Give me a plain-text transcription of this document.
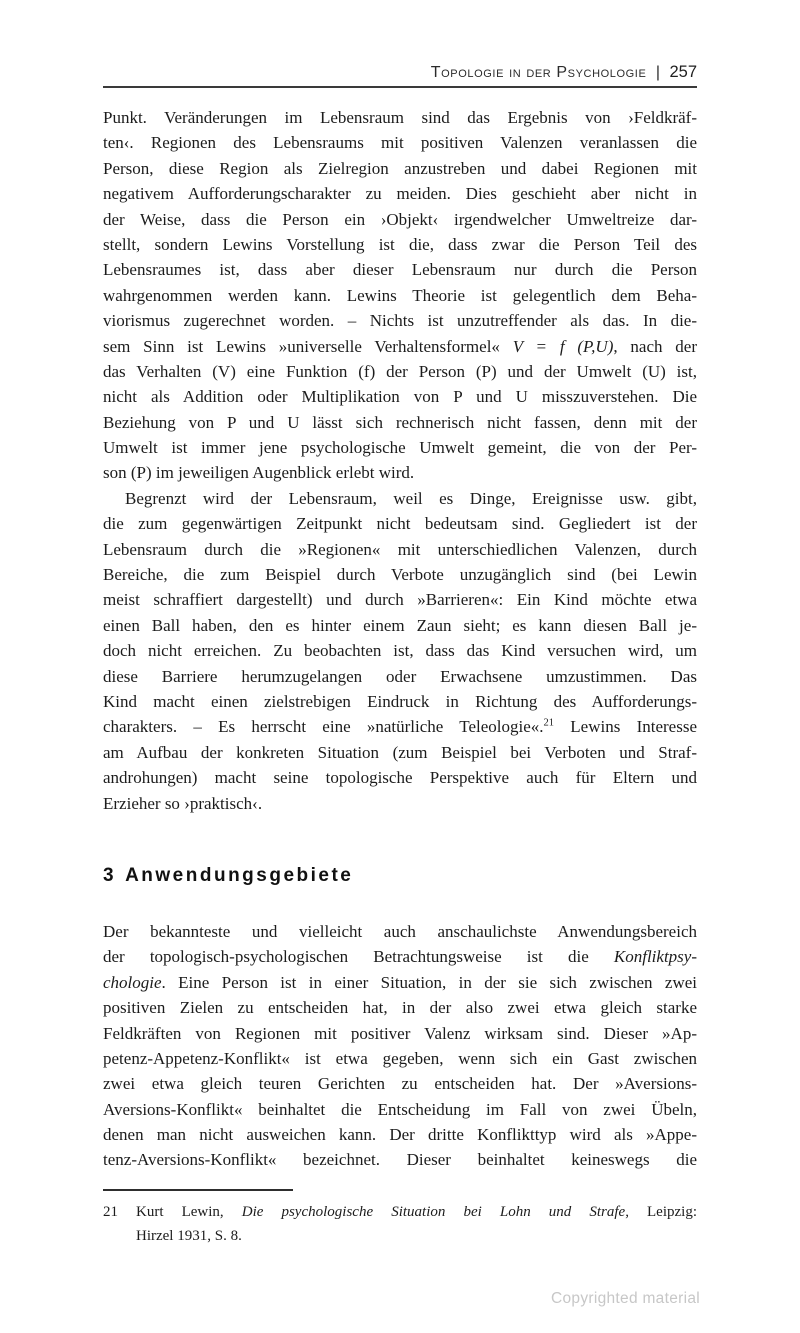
Topologie in der Psychologie | 257
Punkt. Veränderungen im Lebensraum sind das Ergebnis von ›Feldkräf-
ten‹. Regionen des Lebensraums mit positiven Valenzen veranlassen die
Person, diese Region als Zielregion anzustreben und dabei Regionen mit
negativem Aufforderungscharakter zu meiden. Dies geschieht aber nicht in
der Weise, dass die Person ein ›Objekt‹ irgendwelcher Umweltreize dar-
stellt, sondern Lewins Vorstellung ist die, dass zwar die Person Teil des
Lebensraumes ist, dass aber dieser Lebensraum nur durch die Person
wahrgenommen werden kann. Lewins Theorie ist gelegentlich dem Beha-
viorismus zugerechnet worden. – Nichts ist unzutreffender als das. In die-
sem Sinn ist Lewins »universelle Verhaltensformel« V = f (P,U), nach der
das Verhalten (V) eine Funktion (f) der Person (P) und der Umwelt (U) ist,
nicht als Addition oder Multiplikation von P und U misszuverstehen. Die
Beziehung von P und U lässt sich rechnerisch nicht fassen, denn mit der
Umwelt ist immer jene psychologische Umwelt gemeint, die von der Per-
son (P) im jeweiligen Augenblick erlebt wird.
Begrenzt wird der Lebensraum, weil es Dinge, Ereignisse usw. gibt,
die zum gegenwärtigen Zeitpunkt nicht bedeutsam sind. Gegliedert ist der
Lebensraum durch die »Regionen« mit unterschiedlichen Valenzen, durch
Bereiche, die zum Beispiel durch Verbote unzugänglich sind (bei Lewin
meist schraffiert dargestellt) und durch »Barrieren«: Ein Kind möchte etwa
einen Ball haben, den es hinter einem Zaun sieht; es kann diesen Ball je-
doch nicht erreichen. Zu beobachten ist, dass das Kind versuchen wird, um
diese Barriere herumzugelangen oder Erwachsene umzustimmen. Das
Kind macht einen zielstrebigen Eindruck in Richtung des Aufforderungs-
charakters. – Es herrscht eine »natürliche Teleologie«.$^{21}$ Lewins Interesse
am Aufbau der konkreten Situation (zum Beispiel bei Verboten und Straf-
androhungen) macht seine topologische Perspektive auch für Eltern und
Erzieher so ›praktisch‹.
3 Anwendungsgebiete
Der bekannteste und vielleicht auch anschaulichste Anwendungsbereich
der topologisch-psychologischen Betrachtungsweise ist die Konfliktpsy-
chologie. Eine Person ist in einer Situation, in der sie sich zwischen zwei
positiven Zielen zu entscheiden hat, in der also zwei etwa gleich starke
Feldkräften von Regionen mit positiver Valenz wirksam sind. Dieser »Ap-
petenz-Appetenz-Konflikt« ist etwa gegeben, wenn sich ein Gast zwischen
zwei etwa gleich teuren Gerichten zu entscheiden hat. Der »Aversions-
Aversions-Konflikt« beinhaltet die Entscheidung im Fall von zwei Übeln,
denen man nicht ausweichen kann. Der dritte Konflikttyp wird als »Appe-
tenz-Aversions-Konflikt« bezeichnet. Dieser beinhaltet keineswegs die
21	Kurt Lewin, Die psychologische Situation bei Lohn und Strafe, Leipzig:
Hirzel 1931, S. 8.
Copyrighted material
